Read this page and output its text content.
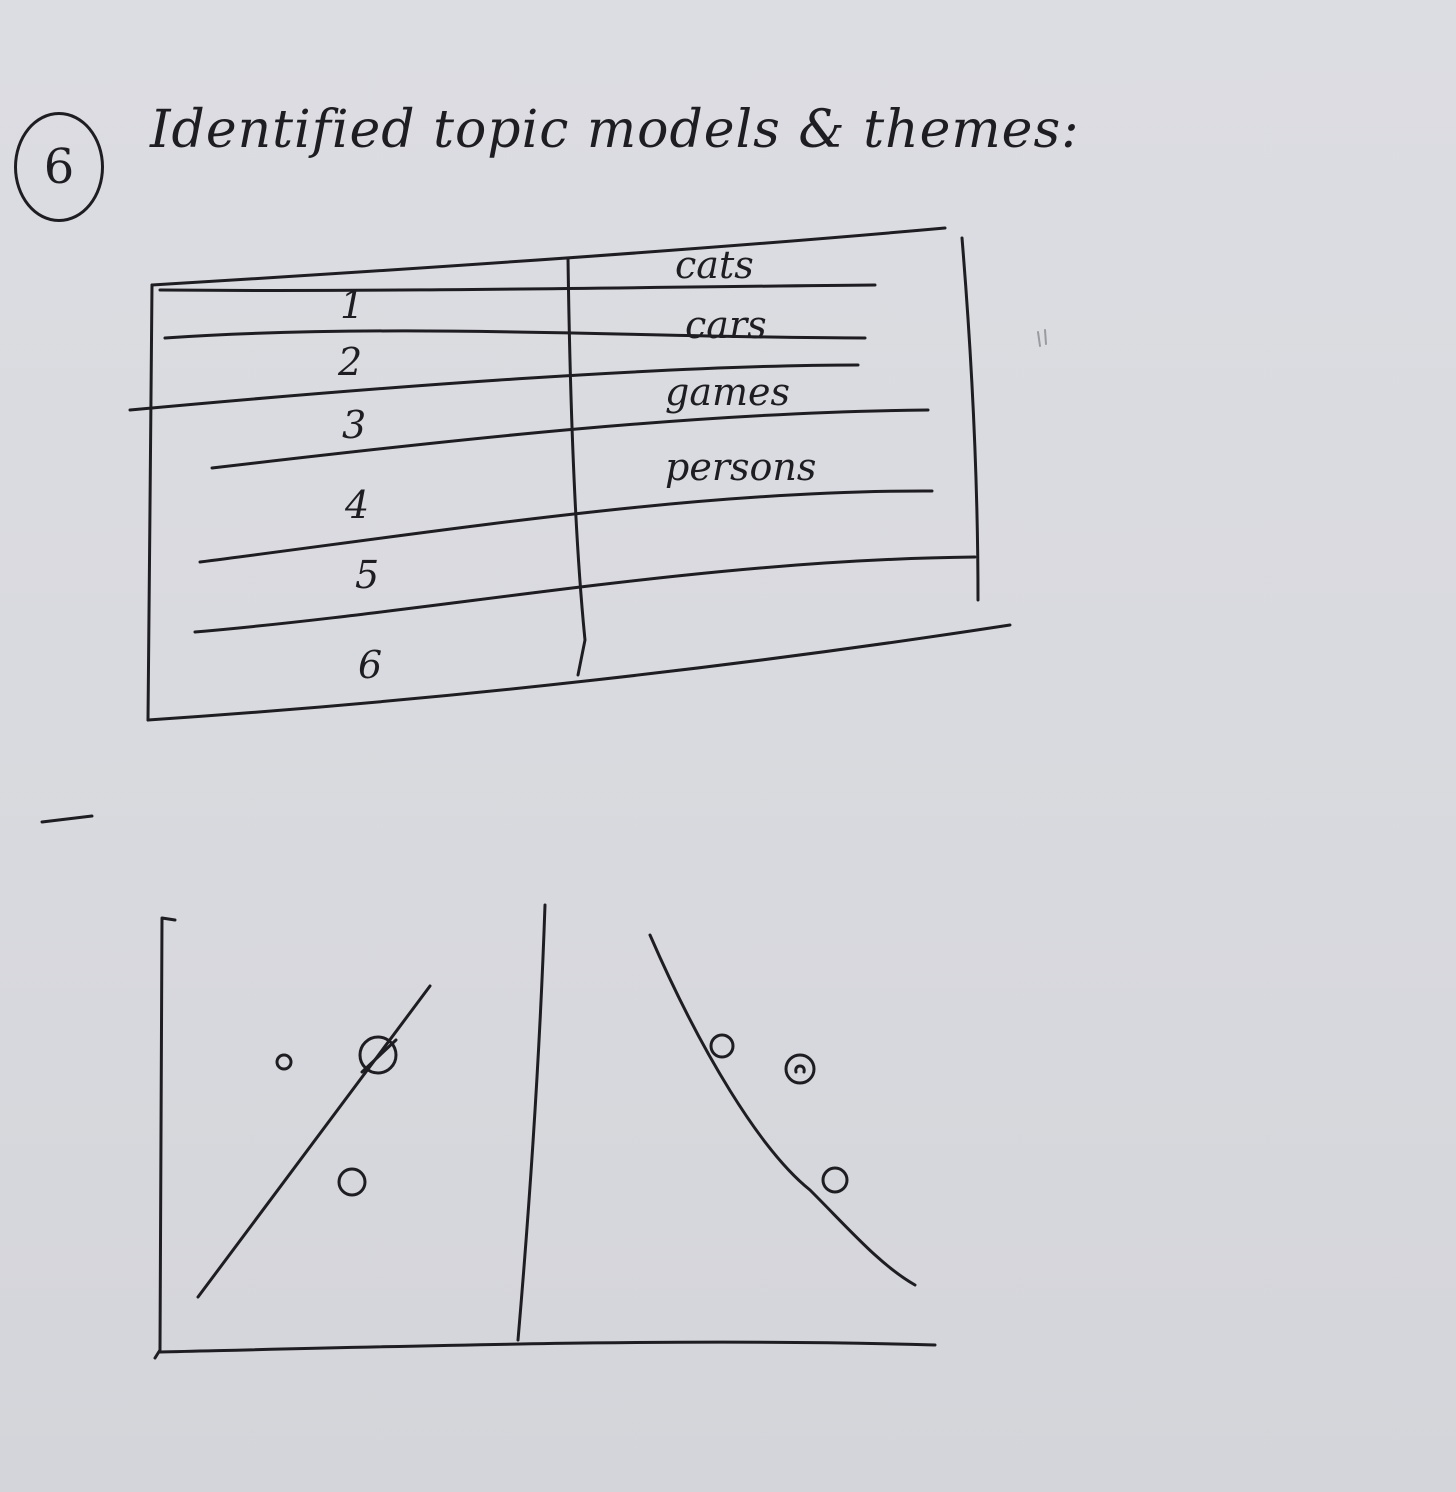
6
Identified topic models & themes:
1
2
3
4
5
6
cats
cars
games
persons
